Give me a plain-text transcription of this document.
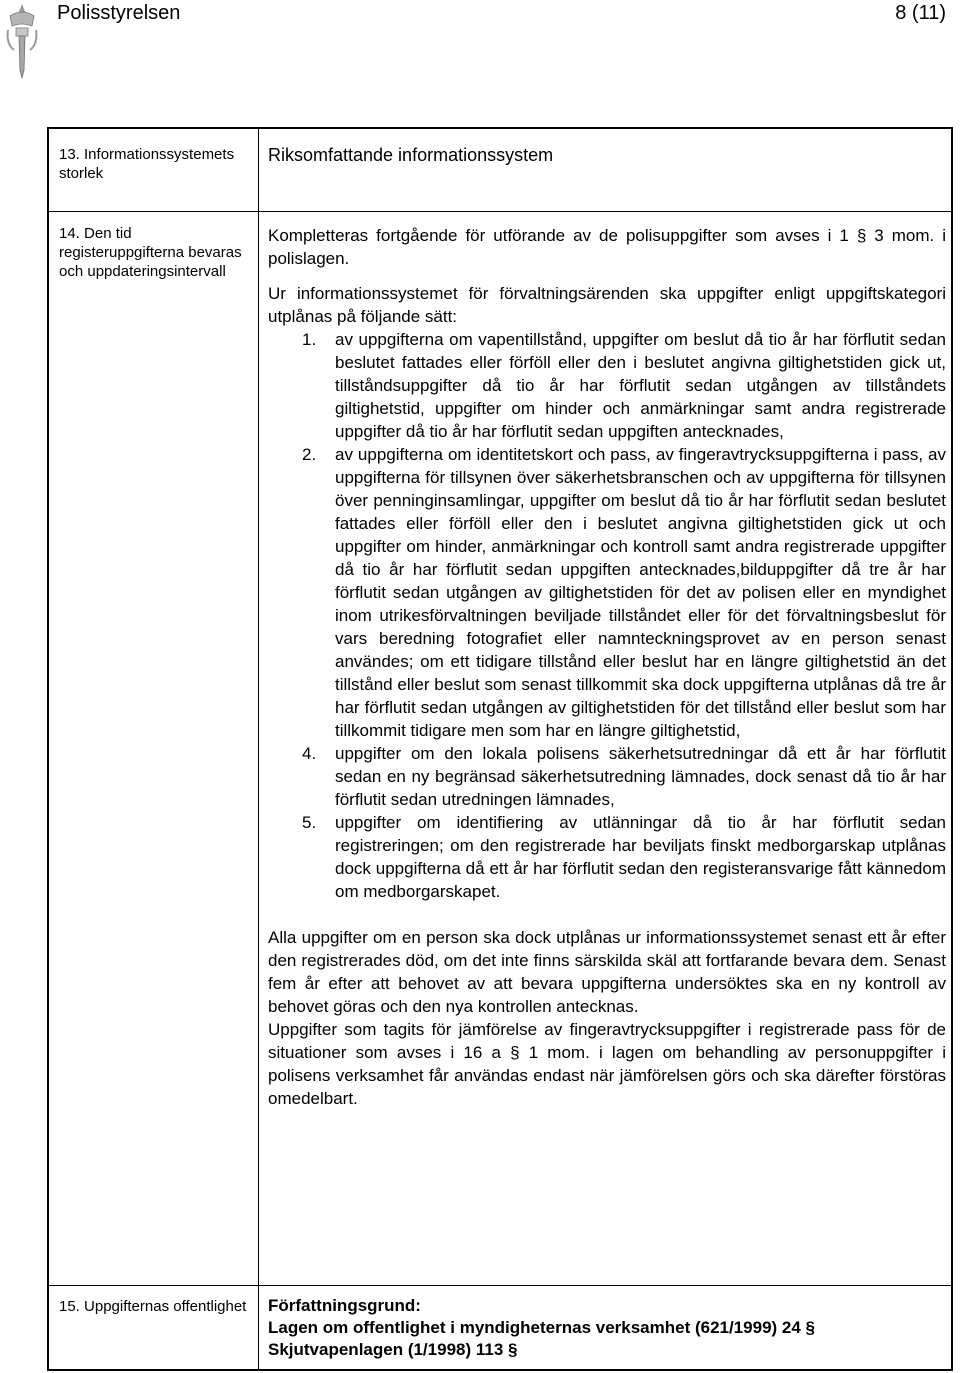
Polisstyrelsen	8 (11)
13. Informationssystemets storlek
Riksomfattande informationssystem
14. Den tid registeruppgifterna bevaras och uppdateringsintervall

Kompletteras fortgående för utförande av de polisuppgifter som avses i 1 § 3 mom. i polislagen.

Ur informationssystemet för förvaltningsärenden ska uppgifter enligt uppgiftskategori utplånas på följande sätt:

1. av uppgifterna om vapentillstånd, uppgifter om beslut då tio år har förflutit sedan beslutet fattades eller förföll eller den i beslutet angivna giltighetstiden gick ut, tillståndsuppgifter då tio år har förflutit sedan utgången av tillståndets giltighetstid, uppgifter om hinder och anmärkningar samt andra registrerade uppgifter då tio år har förflutit sedan uppgiften antecknades,
2. av uppgifterna om identitetskort och pass, av fingeravtrycksuppgifterna i pass, av uppgifterna för tillsynen över säkerhetsbranschen och av uppgifterna för tillsynen över penninginsamlingar, uppgifter om beslut då tio år har förflutit sedan beslutet fattades eller förföll eller den i beslutet angivna giltighetstiden gick ut och uppgifter om hinder, anmärkningar och kontroll samt andra registrerade uppgifter då tio år har förflutit sedan uppgiften antecknades,bilduppgifter då tre år har förflutit sedan utgången av giltighetstiden för det av polisen eller en myndighet inom utrikesförvaltningen beviljade tillståndet eller för det förvaltningsbeslut för vars beredning fotografiet eller namnteckningsprovet av en person senast användes; om ett tidigare tillstånd eller beslut har en längre giltighetstid än det tillstånd eller beslut som senast tillkommit ska dock uppgifterna utplånas då tre år har förflutit sedan utgången av giltighetstiden för det tillstånd eller beslut som har tillkommit tidigare men som har en längre giltighetstid,
4. uppgifter om den lokala polisens säkerhetsutredningar då ett år har förflutit sedan en ny begränsad säkerhetsutredning lämnades, dock senast då tio år har förflutit sedan utredningen lämnades,
5. uppgifter om identifiering av utlänningar då tio år har förflutit sedan registreringen; om den registrerade har beviljats finskt medborgarskap utplånas dock uppgifterna då ett år har förflutit sedan den registeransvarige fått kännedom om medborgarskapet.

Alla uppgifter om en person ska dock utplånas ur informationssystemet senast ett år efter den registrerades död, om det inte finns särskilda skäl att fortfarande bevara dem. Senast fem år efter att behovet av att bevara uppgifterna undersöktes ska en ny kontroll av behovet göras och den nya kontrollen antecknas.

Uppgifter som tagits för jämförelse av fingeravtrycksuppgifter i registrerade pass för de situationer som avses i 16 a § 1 mom. i lagen om behandling av personuppgifter i polisens verksamhet får användas endast när jämförelsen görs och ska därefter förstöras omedelbart.

15. Uppgifternas offentlighet Författningsgrund:

Lagen om offentlighet i myndigheternas verksamhet (621/1999) 24 §

Skjutvapenlagen (1/1998) 113 §
